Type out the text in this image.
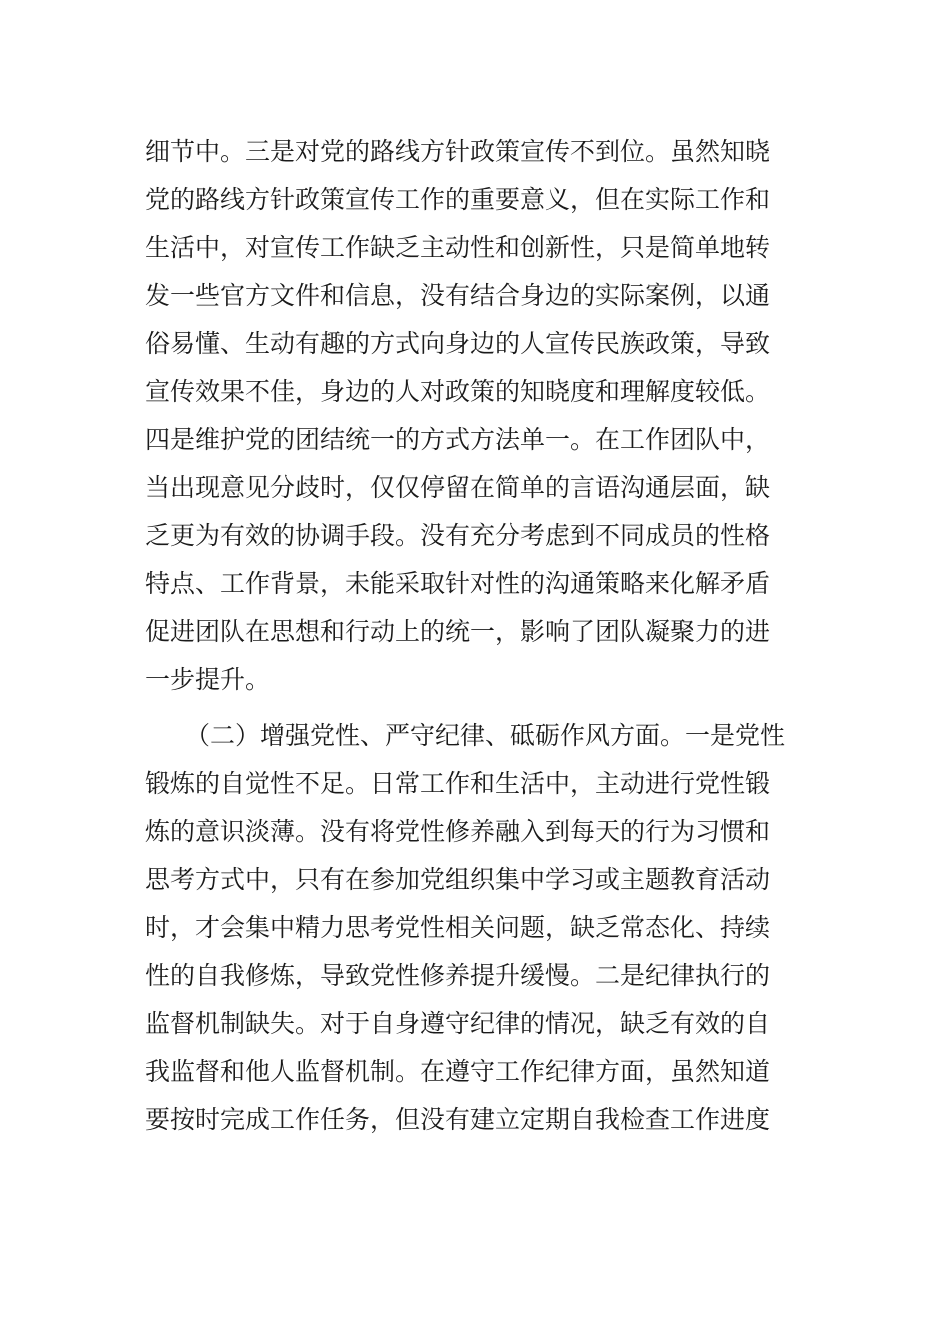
细节中。三是对党的路线方针政策宣传不到位。虽然知晓
党的路线方针政策宣传工作的重要意义，但在实际工作和
生活中，对宣传工作缺乏主动性和创新性，只是简单地转
发一些官方文件和信息，没有结合身边的实际案例，以通
俗易懂、生动有趣的方式向身边的人宣传民族政策，导致
宣传效果不佳，身边的人对政策的知晓度和理解度较低。
四是维护党的团结统一的方式方法单一。在工作团队中，
当出现意见分歧时，仅仅停留在简单的言语沟通层面，缺
乏更为有效的协调手段。没有充分考虑到不同成员的性格
特点、工作背景，未能采取针对性的沟通策略来化解矛盾
促进团队在思想和行动上的统一，影响了团队凝聚力的进
一步提升。
（二）增强党性、严守纪律、砥砺作风方面。一是党性
锻炼的自觉性不足。日常工作和生活中，主动进行党性锻
炼的意识淡薄。没有将党性修养融入到每天的行为习惯和
思考方式中，只有在参加党组织集中学习或主题教育活动
时，才会集中精力思考党性相关问题，缺乏常态化、持续
性的自我修炼，导致党性修养提升缓慢。二是纪律执行的
监督机制缺失。对于自身遵守纪律的情况，缺乏有效的自
我监督和他人监督机制。在遵守工作纪律方面，虽然知道
要按时完成工作任务，但没有建立定期自我检查工作进度
